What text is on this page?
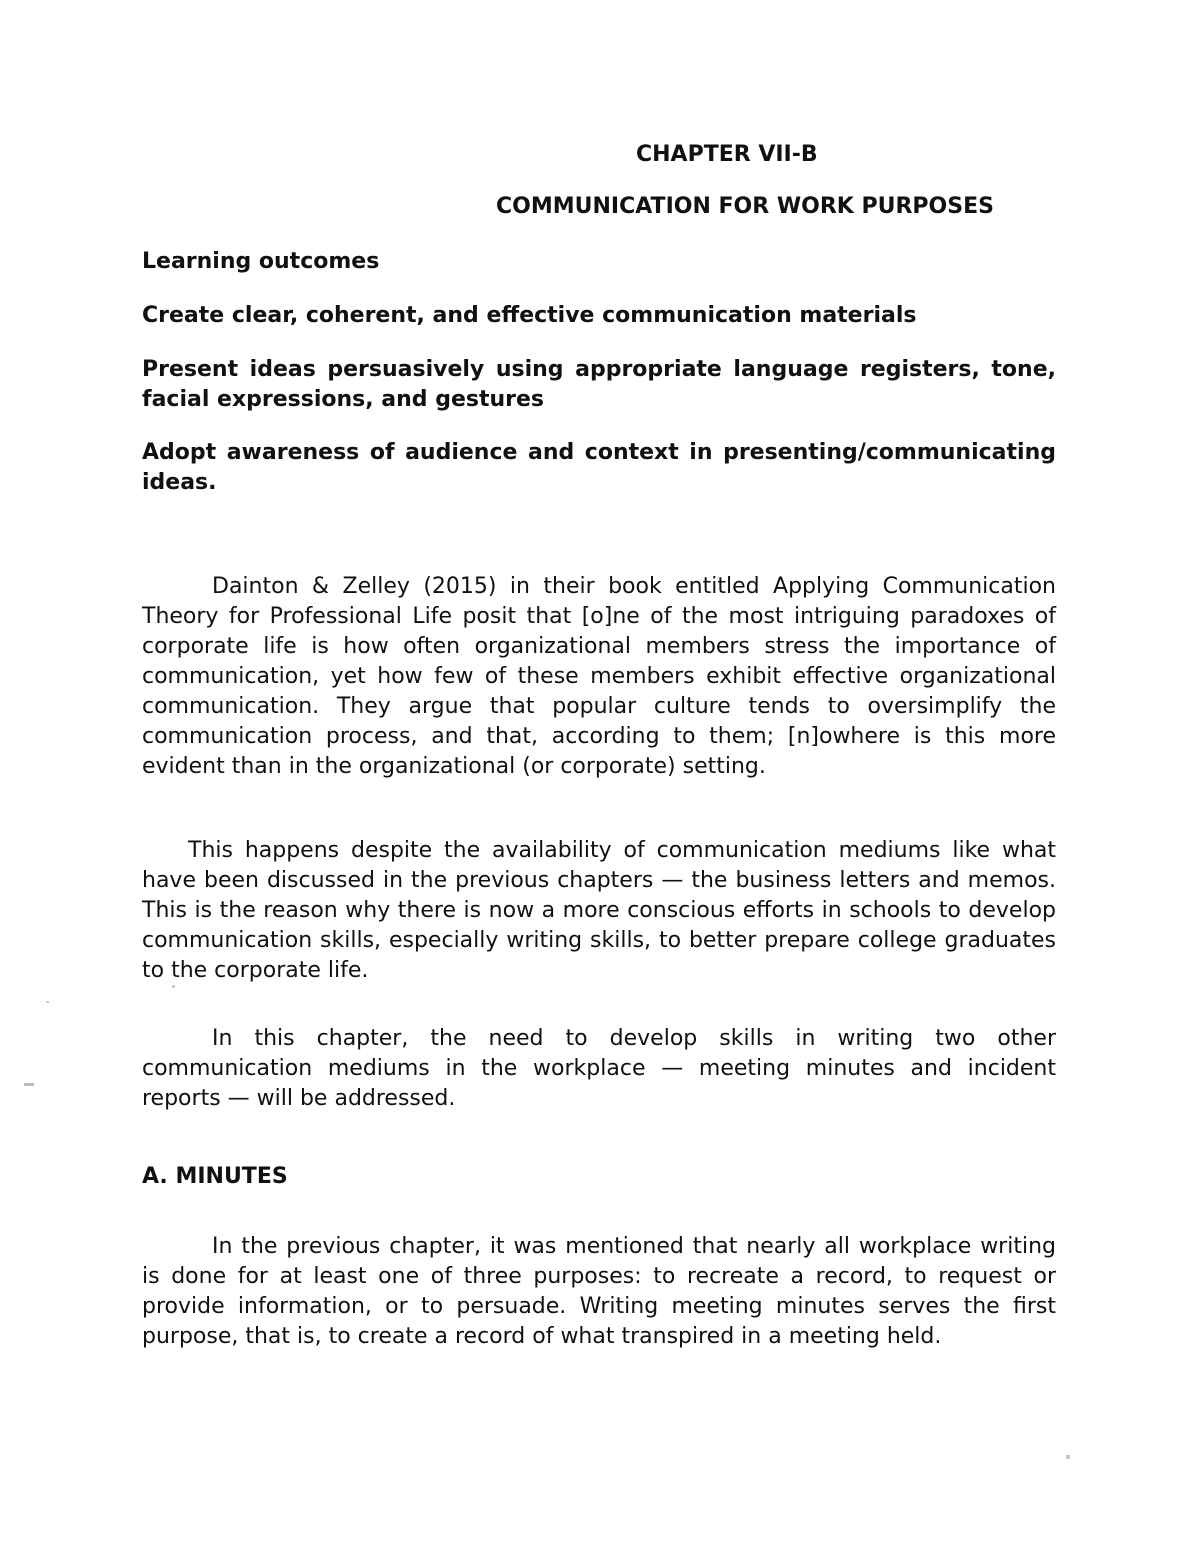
CHAPTER VII-B
COMMUNICATION FOR WORK PURPOSES
Learning outcomes
Create clear, coherent, and effective communication materials
Present ideas persuasively using appropriate language registers, tone, facial expressions, and gestures
Adopt awareness of audience and context in presenting/communicating ideas.
Dainton & Zelley (2015) in their book entitled Applying Communication Theory for Professional Life posit that [o]ne of the most intriguing paradoxes of corporate life is how often organizational members stress the importance of communication, yet how few of these members exhibit effective organizational communication. They argue that popular culture tends to oversimplify the communication process, and that, according to them; [n]owhere is this more evident than in the organizational (or corporate) setting.
This happens despite the availability of communication mediums like what have been discussed in the previous chapters — the business letters and memos. This is the reason why there is now a more conscious efforts in schools to develop communication skills, especially writing skills, to better prepare college graduates to the corporate life.
In this chapter, the need to develop skills in writing two other communication mediums in the workplace — meeting minutes and incident reports — will be addressed.
A. MINUTES
In the previous chapter, it was mentioned that nearly all workplace writing is done for at least one of three purposes: to recreate a record, to request or provide information, or to persuade. Writing meeting minutes serves the first purpose, that is, to create a record of what transpired in a meeting held.
